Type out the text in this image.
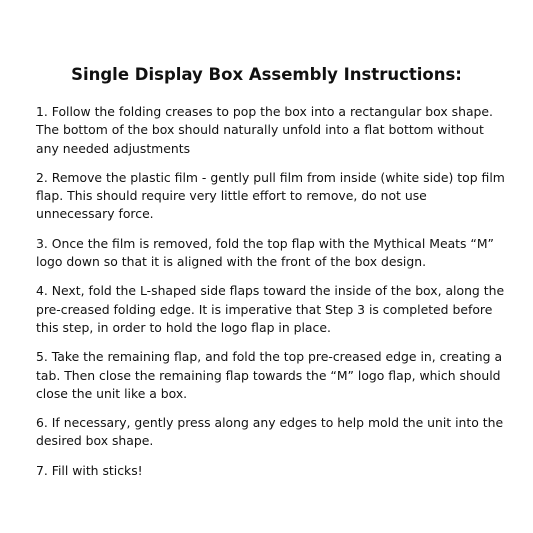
Single Display Box Assembly Instructions:
1. Follow the folding creases to pop the box into a rectangular box shape. The bottom of the box should naturally unfold into a flat bottom without any needed adjustments
2. Remove the plastic film - gently pull film from inside (white side) top film flap. This should require very little effort to remove, do not use unnecessary force.
3. Once the film is removed, fold the top flap with the Mythical Meats “M” logo down so that it is aligned with the front of the box design.
4. Next, fold the L-shaped side flaps toward the inside of the box, along the pre-creased folding edge. It is imperative that Step 3 is completed before this step, in order to hold the logo flap in place.
5. Take the remaining flap, and fold the top pre-creased edge in, creating a tab. Then close the remaining flap towards the “M” logo flap, which should close the unit like a box.
6. If necessary, gently press along any edges to help mold the unit into the desired box shape.
7. Fill with sticks!
